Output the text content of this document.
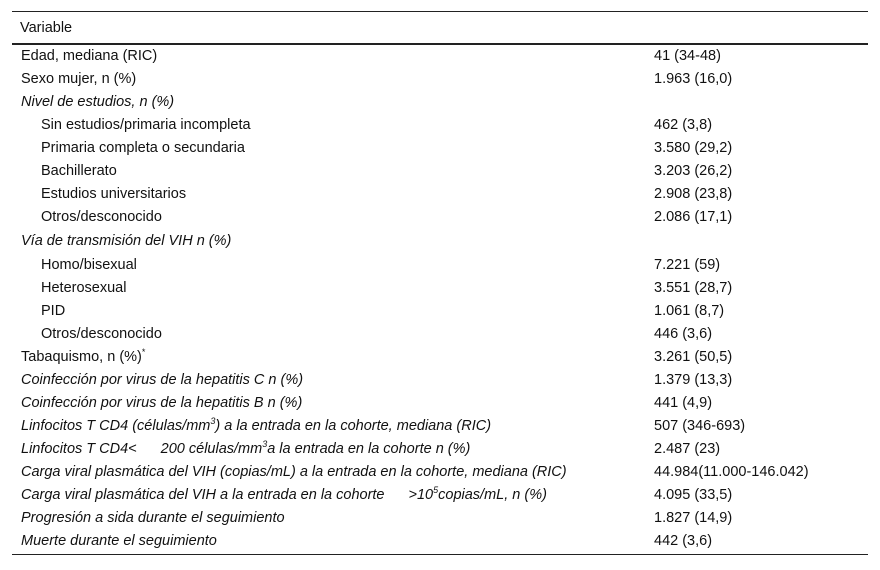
Variable	
Edad, mediana (RIC)	41 (34-48)
Sexo mujer, n (%)	1.963 (16,0)
Nivel de estudios, n (%)	
Sin estudios/primaria incompleta	462 (3,8)
Primaria completa o secundaria	3.580 (29,2)
Bachillerato	3.203 (26,2)
Estudios universitarios	2.908 (23,8)
Otros/desconocido	2.086 (17,1)
Vía de transmisión del VIH n (%)	
Homo/bisexual	7.221 (59)
Heterosexual	3.551 (28,7)
PID	1.061 (8,7)
Otros/desconocido	446 (3,6)
Tabaquismo, n (%)*	3.261 (50,5)
Coinfección por virus de la hepatitis C n (%)	1.379 (13,3)
Coinfección por virus de la hepatitis B n (%)	441 (4,9)
Linfocitos T CD4 $(células/mm^3)$ a la entrada en la cohorte, mediana (RIC)	507 (346-693)
Linfocitos T CD4< 200 células/$mm^3a$ la entrada en la cohorte n (%)	2.487 (23)
Carga viral plasmática del VIH (copias/mL) a la entrada en la cohorte, mediana (RIC)	44.984(11.000-146.042)
Carga viral plasmática del VIH a la entrada en la cohorte $>10^5copias/mL$, n (%)	4.095 (33,5)
Progresión a sida durante el seguimiento	1.827 (14,9)
Muerte durante el seguimiento	442 (3,6)
